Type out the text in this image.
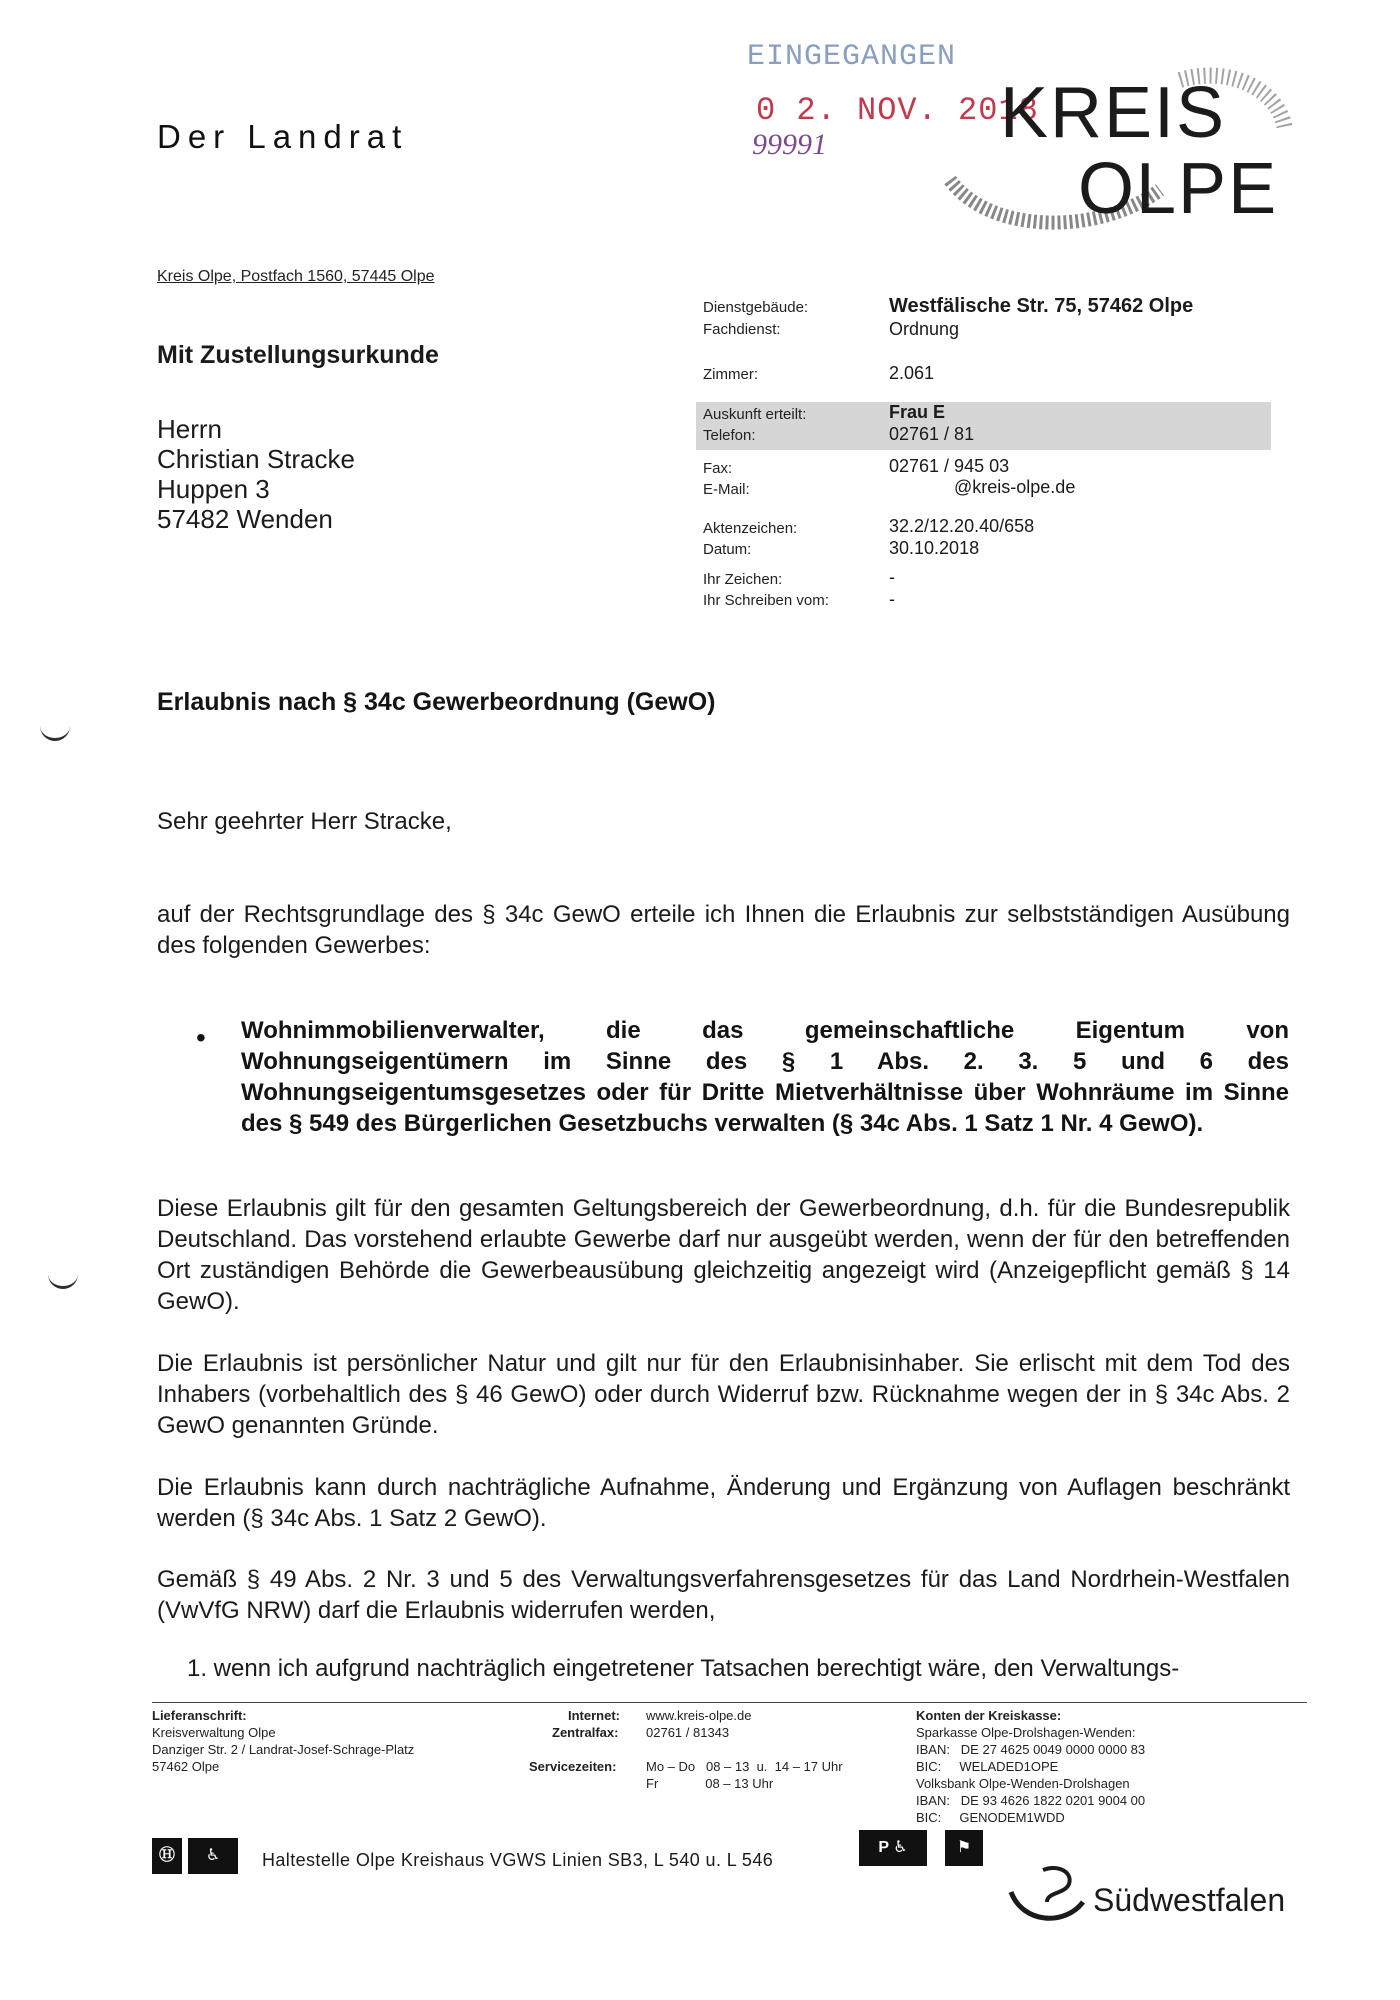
Der Landrat
EINGEGANGEN
0 2. NOV. 2018
99991 KREIS
OLPE
Kreis Olpe, Postfach 1560, 57445 Olpe
Mit Zustellungsurkunde
Herrn
Christian Stracke
Huppen 3
57482 Wenden
Dienstgebäude:	Westfälische Str. 75, 57462 Olpe
Fachdienst:	Ordnung
Zimmer:	2.061
Auskunft erteilt:	Frau E
Telefon:	02761 / 81
Fax:	02761 / 945 03
E-Mail:	@kreis-olpe.de
Aktenzeichen:	32.2/12.20.40/658
Datum:	30.10.2018
Ihr Zeichen:	-
Ihr Schreiben vom:	-
Erlaubnis nach § 34c Gewerbeordnung (GewO)
Sehr geehrter Herr Stracke,
auf der Rechtsgrundlage des § 34c GewO erteile ich Ihnen die Erlaubnis zur selbstständigen Ausübung des folgenden Gewerbes:
• Wohnimmobilienverwalter, die das gemeinschaftliche Eigentum von Wohnungseigentümern im Sinne des § 1 Abs. 2. 3. 5 und 6 des Wohnungseigentumsgesetzes oder für Dritte Mietverhältnisse über Wohnräume im Sinne des § 549 des Bürgerlichen Gesetzbuchs verwalten (§ 34c Abs. 1 Satz 1 Nr. 4 GewO).
Diese Erlaubnis gilt für den gesamten Geltungsbereich der Gewerbeordnung, d.h. für die Bundesrepublik Deutschland. Das vorstehend erlaubte Gewerbe darf nur ausgeübt werden, wenn der für den betreffenden Ort zuständigen Behörde die Gewerbeausübung gleichzeitig angezeigt wird (Anzeigepflicht gemäß § 14 GewO).
Die Erlaubnis ist persönlicher Natur und gilt nur für den Erlaubnisinhaber. Sie erlischt mit dem Tod des Inhabers (vorbehaltlich des § 46 GewO) oder durch Widerruf bzw. Rücknahme wegen der in § 34c Abs. 2 GewO genannten Gründe.
Die Erlaubnis kann durch nachträgliche Aufnahme, Änderung und Ergänzung von Auflagen beschränkt werden (§ 34c Abs. 1 Satz 2 GewO).
Gemäß § 49 Abs. 2 Nr. 3 und 5 des Verwaltungsverfahrensgesetzes für das Land Nordrhein-Westfalen (VwVfG NRW) darf die Erlaubnis widerrufen werden,
1. wenn ich aufgrund nachträglich eingetretener Tatsachen berechtigt wäre, den Verwaltungs-
Lieferanschrift:
Kreisverwaltung Olpe
Danziger Str. 2 / Landrat-Josef-Schrage-Platz
57462 Olpe
Internet: www.kreis-olpe.de
Zentralfax: 02761 / 81343
Servicezeiten: Mo – Do   08 – 13  u.  14 – 17 Uhr
Fr             08 – 13 Uhr
Konten der Kreiskasse:
Sparkasse Olpe-Drolshagen-Wenden:
IBAN:   DE 27 4625 0049 0000 0000 83
BIC:     WELADED1OPE
Volksbank Olpe-Wenden-Drolshagen
IBAN:   DE 93 4626 1822 0201 9004 00
BIC:     GENODEM1WDD
Ⓗ	♿	Haltestelle Olpe Kreishaus VGWS Linien SB3, L 540 u. L 546
P ♿	⚑
Südwestfalen
